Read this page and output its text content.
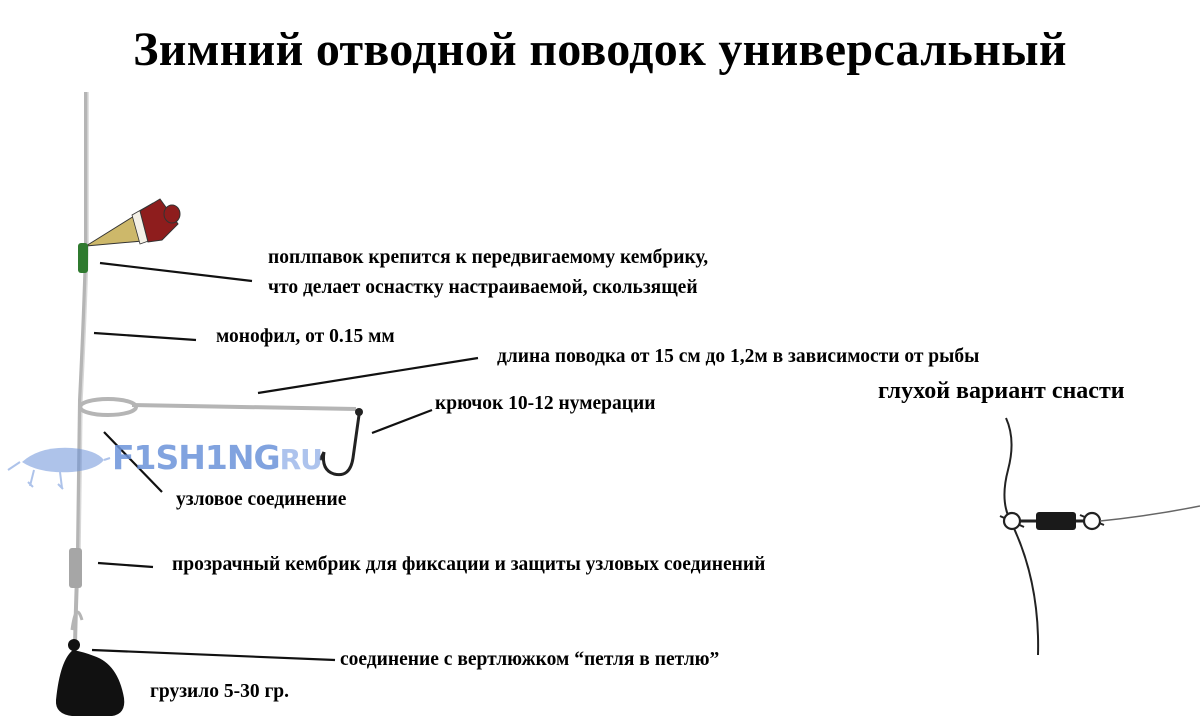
Зимний отводной поводок универсальный
поплпавок крепится к передвигаемому кембрику,
что делает оснастку настраиваемой, скользящей
монофил, от 0.15 мм
длина поводка от 15 см до 1,2м в зависимости от рыбы
крючок 10-12 нумерации
узловое соединение
прозрачный кембрик для фиксации и защиты узловых соединений
соединение с вертлюжком “петля в петлю”
грузило 5-30 гр.
глухой вариант снасти
F1SH1NGRU
